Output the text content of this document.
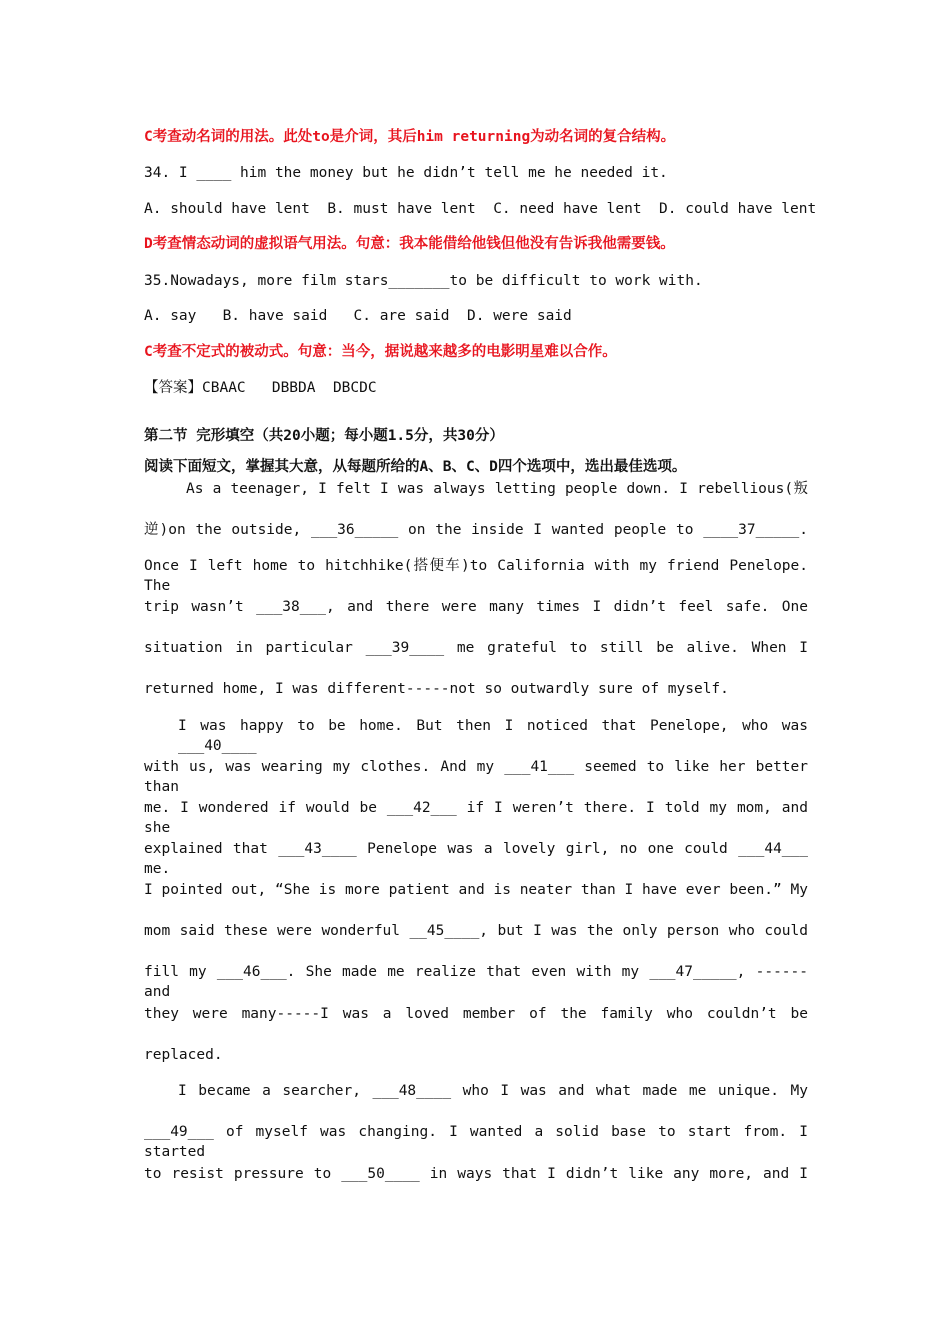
C考查动名词的用法。此处to是介词，其后him returning为动名词的复合结构。
34. I ____ him the money but he didn’t tell me he needed it.
A. should have lent  B. must have lent  C. need have lent  D. could have lent
D考查情态动词的虚拟语气用法。句意：我本能借给他钱但他没有告诉我他需要钱。
35.Nowadays, more film stars_______to be difficult to work with.
A. say   B. have said   C. are said  D. were said
C考查不定式的被动式。句意：当今，据说越来越多的电影明星难以合作。
【答案】CBAAC   DBBDA  DBCDC
第二节 完形填空（共20小题；每小题1.5分，共30分）
阅读下面短文，掌握其大意，从每题所给的A、B、C、D四个选项中，选出最佳选项。
As a teenager, I felt I was always letting people down. I rebellious(叛
逆)on the outside, ___36_____ on the inside I wanted people to ____37_____.
Once I left home to hitchhike(搭便车)to California with my friend Penelope. The
trip wasn’t ___38___, and there were many times I didn’t feel safe. One
situation in particular ___39____ me grateful to still be alive. When I
returned home, I was different-----not so outwardly sure of myself.
I was happy to be home. But then I noticed that Penelope, who was ___40____
with us, was wearing my clothes. And my ___41___ seemed to like her better than
me. I wondered if would be ___42___ if I weren’t there. I told my mom, and she
explained that ___43____ Penelope was a lovely girl, no one could ___44___ me.
I pointed out, “She is more patient and is neater than I have ever been.” My
mom said these were wonderful __45____, but I was the only person who could
fill my ___46___. She made me realize that even with my ___47_____, ------ and
they were many-----I was a loved member of the family who couldn’t be
replaced.
I became a searcher, ___48____ who I was and what made me unique. My
___49___ of myself was changing. I wanted a solid base to start from. I started
to resist pressure to ___50____ in ways that I didn’t like any more, and I
